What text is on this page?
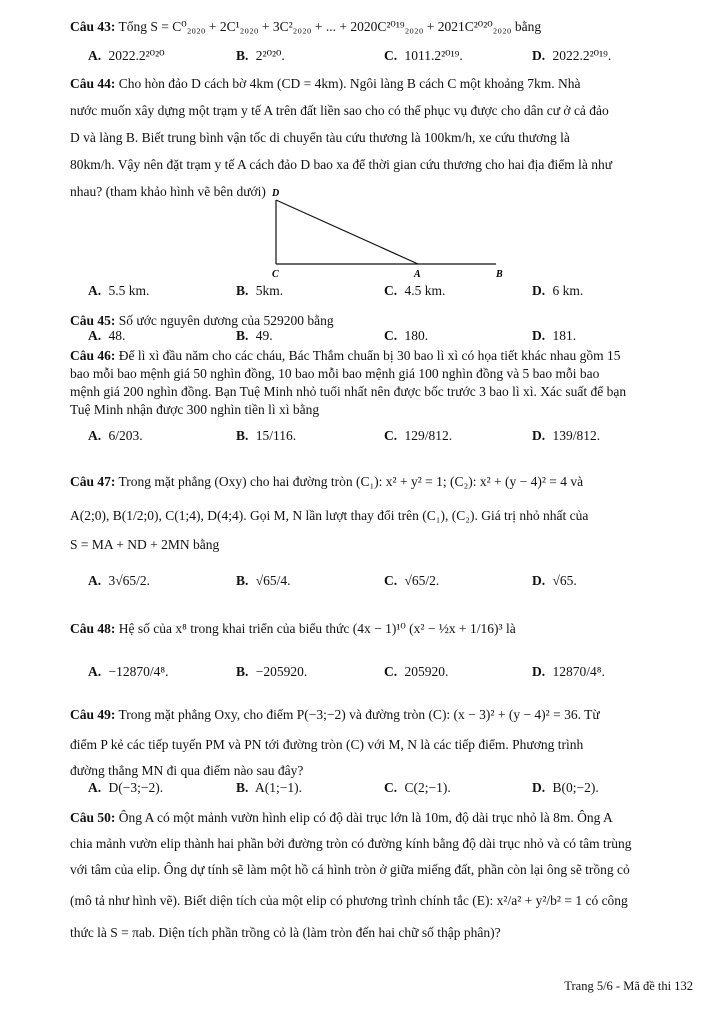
Câu 43: Tổng S = C⁰₂₀₂₀ + 2C¹₂₀₂₀ + 3C²₂₀₂₀ + ... + 2020C²⁰¹⁹₂₀₂₀ + 2021C²⁰²⁰₂₀₂₀ bằng
A. 2022.2²⁰²⁰	B. 2²⁰²⁰.	C. 1011.2²⁰¹⁹.	D. 2022.2²⁰¹⁹.
Câu 44: Cho hòn đảo D cách bờ 4km (CD = 4km). Ngôi làng B cách C một khoảng 7km. Nhà
nước muốn xây dựng một trạm y tế A trên đất liền sao cho có thể phục vụ được cho dân cư ở cả đảo
D và làng B. Biết trung bình vận tốc di chuyển tàu cứu thương là 100km/h, xe cứu thương là
80km/h. Vậy nên đặt trạm y tế A cách đảo D bao xa để thời gian cứu thương cho hai địa điểm là như
nhau? (tham khảo hình vẽ bên dưới) D
C	A	B
A. 5.5 km.	B. 5km.	C. 4.5 km.	D. 6 km.
Câu 45: Số ước nguyên dương của 529200 bằng
A. 48.	B. 49.	C. 180.	D. 181.
Câu 46: Để lì xì đầu năm cho các cháu, Bác Thắm chuẩn bị 30 bao lì xì có họa tiết khác nhau gồm 15
bao mỗi bao mệnh giá 50 nghìn đồng, 10 bao mỗi bao mệnh giá 100 nghìn đồng và 5 bao mỗi bao
mệnh giá 200 nghìn đồng. Bạn Tuệ Minh nhỏ tuổi nhất nên được bốc trước 3 bao lì xì. Xác suất để bạn
Tuệ Minh nhận được 300 nghìn tiền lì xì bằng
A. 6/203.	B. 15/116.	C. 129/812.	D. 139/812.
Câu 47: Trong mặt phẳng (Oxy) cho hai đường tròn (C₁): x² + y² = 1; (C₂): x² + (y − 4)² = 4 và
A(2;0), B(1/2;0), C(1;4), D(4;4). Gọi M, N lần lượt thay đổi trên (C₁), (C₂). Giá trị nhỏ nhất của
S = MA + ND + 2MN bằng
A. 3√65/2.	B. √65/4.	C. √65/2.	D. √65.
Câu 48: Hệ số của x⁸ trong khai triển của biểu thức (4x − 1)¹⁰ (x² − ½x + 1/16)³ là
A. −12870/4⁸.	B. −205920.	C. 205920.	D. 12870/4⁸.
Câu 49: Trong mặt phẳng Oxy, cho điểm P(−3;−2) và đường tròn (C): (x − 3)² + (y − 4)² = 36. Từ
điểm P kẻ các tiếp tuyến PM và PN tới đường tròn (C) với M, N là các tiếp điểm. Phương trình
đường thẳng MN đi qua điểm nào sau đây?
A. D(−3;−2).	B. A(1;−1).	C. C(2;−1).	D. B(0;−2).
Câu 50: Ông A có một mảnh vườn hình elip có độ dài trục lớn là 10m, độ dài trục nhỏ là 8m. Ông A
chia mảnh vườn elip thành hai phần bởi đường tròn có đường kính bằng độ dài trục nhỏ và có tâm trùng
với tâm của elip. Ông dự tính sẽ làm một hồ cá hình tròn ở giữa miếng đất, phần còn lại ông sẽ trồng cỏ
(mô tả như hình vẽ). Biết diện tích của một elip có phương trình chính tắc (E): x²/a² + y²/b² = 1 có công
thức là S = πab. Diện tích phần trồng cỏ là (làm tròn đến hai chữ số thập phân)?
Trang 5/6 - Mã đề thi 132
